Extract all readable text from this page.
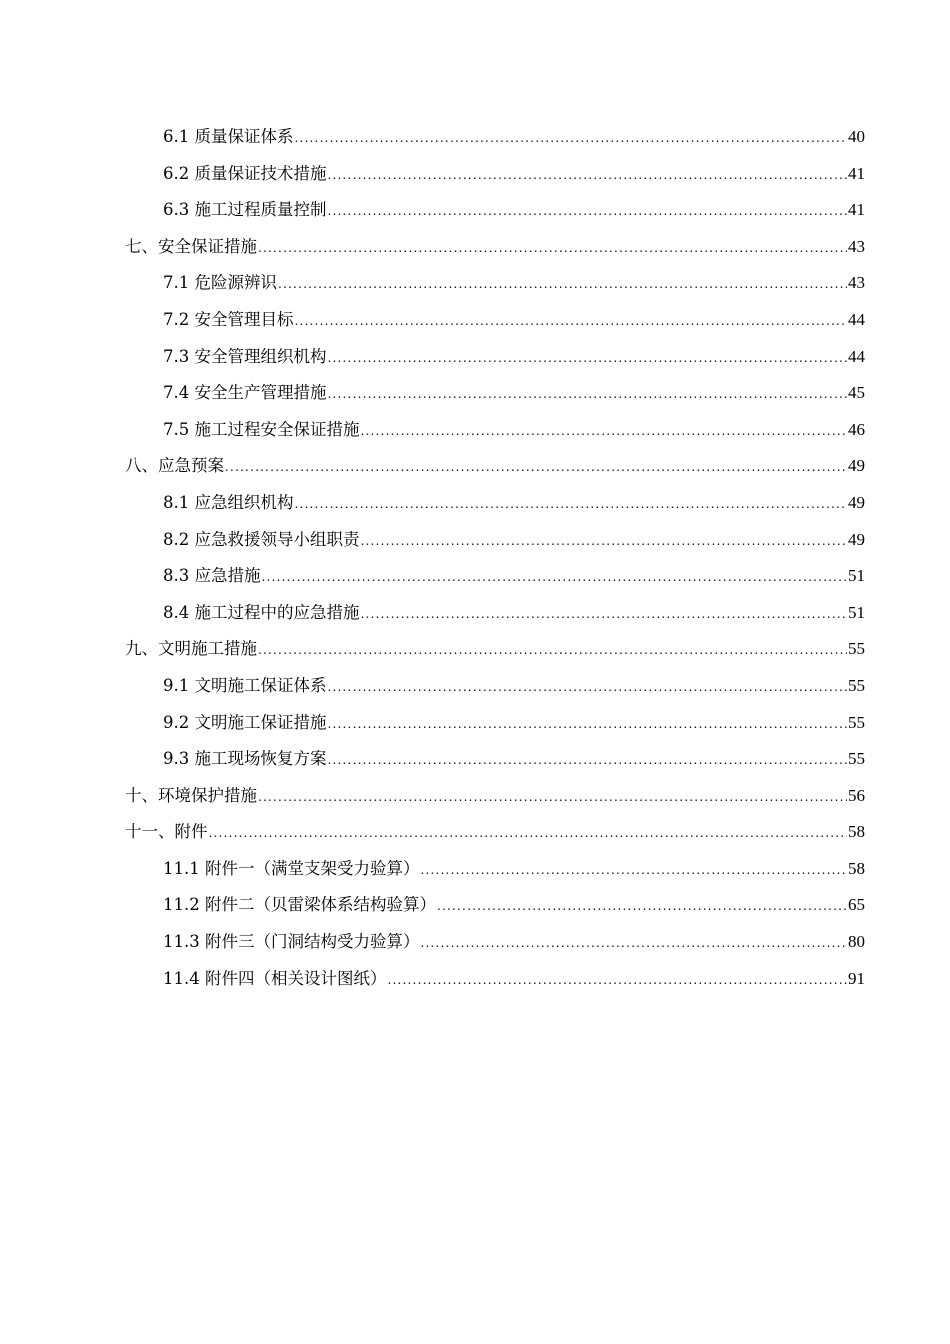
6.1 质量保证体系 .....	40
6.2 质量保证技术措施 .....	41
6.3 施工过程质量控制 .....	41
七、安全保证措施 .....	43
7.1 危险源辨识 .....	43
7.2 安全管理目标 .....	44
7.3 安全管理组织机构 .....	44
7.4 安全生产管理措施 .....	45
7.5 施工过程安全保证措施 .....	46
八、应急预案 .....	49
8.1 应急组织机构 .....	49
8.2 应急救援领导小组职责 .....	49
8.3 应急措施 .....	51
8.4 施工过程中的应急措施 .....	51
九、文明施工措施 .....	55
9.1 文明施工保证体系 .....	55
9.2 文明施工保证措施 .....	55
9.3 施工现场恢复方案 .....	55
十、环境保护措施 .....	56
十一、附件 .....	58
11.1 附件一（满堂支架受力验算） .....	58
11.2 附件二（贝雷梁体系结构验算） .....	65
11.3 附件三（门洞结构受力验算） .....	80
11.4 附件四（相关设计图纸） .....	91
